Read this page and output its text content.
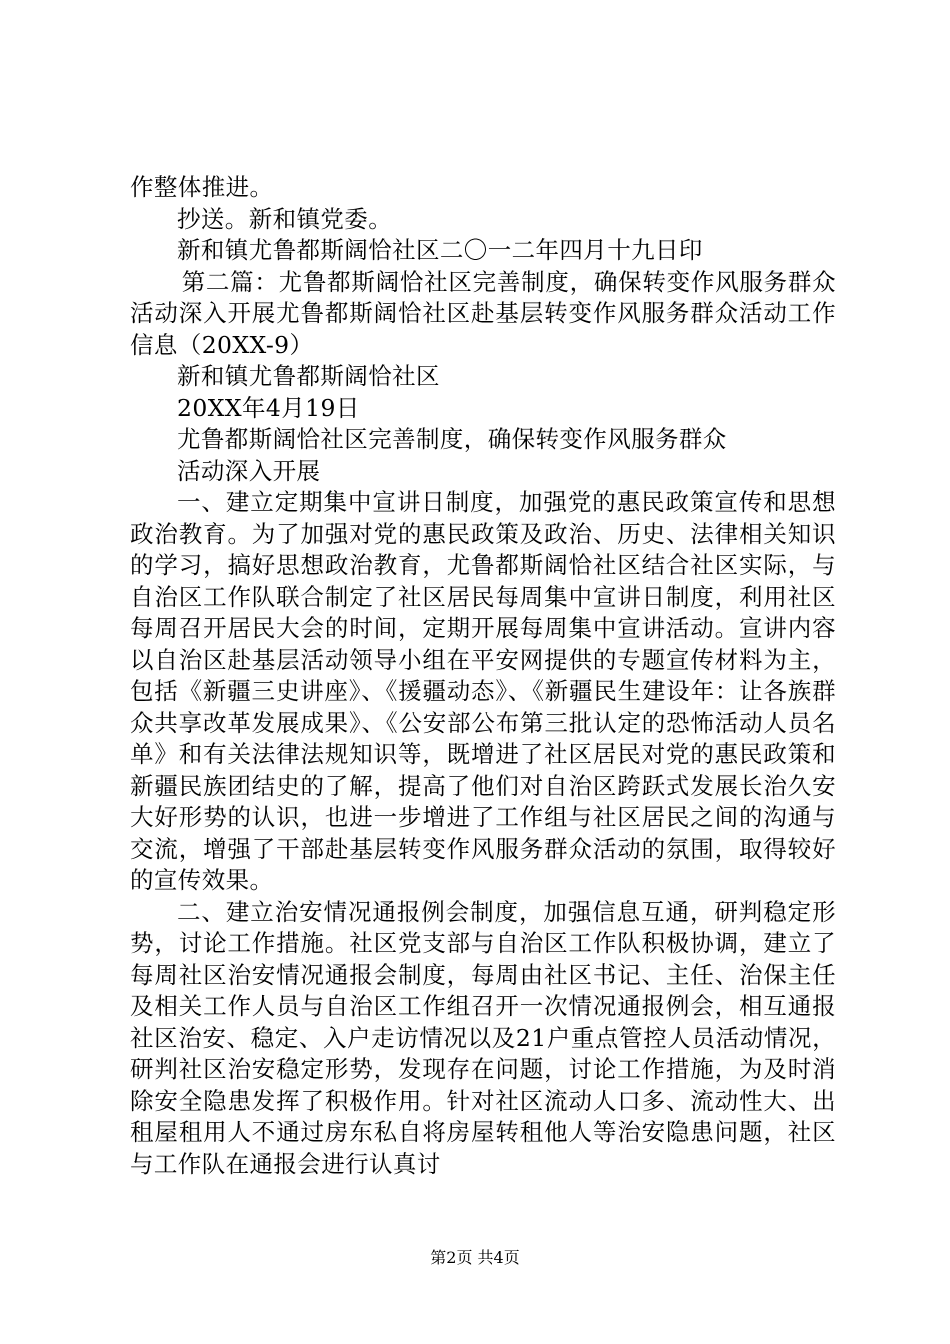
作整体推进。

抄送。新和镇党委。

新和镇尤鲁都斯阔恰社区二〇一二年四月十九日印

第二篇：尤鲁都斯阔恰社区完善制度，确保转变作风服务群众活动深入开展尤鲁都斯阔恰社区赴基层转变作风服务群众活动工作信息（20XX-9）

新和镇尤鲁都斯阔恰社区

20XX年4月19日

尤鲁都斯阔恰社区完善制度，确保转变作风服务群众

活动深入开展

一、建立定期集中宣讲日制度，加强党的惠民政策宣传和思想政治教育。为了加强对党的惠民政策及政治、历史、法律相关知识的学习，搞好思想政治教育，尤鲁都斯阔恰社区结合社区实际，与自治区工作队联合制定了社区居民每周集中宣讲日制度，利用社区每周召开居民大会的时间，定期开展每周集中宣讲活动。宣讲内容以自治区赴基层活动领导小组在平安网提供的专题宣传材料为主，包括《新疆三史讲座》、《援疆动态》、《新疆民生建设年：让各族群众共享改革发展成果》、《公安部公布第三批认定的恐怖活动人员名单》和有关法律法规知识等，既增进了社区居民对党的惠民政策和新疆民族团结史的了解，提高了他们对自治区跨跃式发展长治久安大好形势的认识，也进一步增进了工作组与社区居民之间的沟通与交流，增强了干部赴基层转变作风服务群众活动的氛围，取得较好的宣传效果。

二、建立治安情况通报例会制度，加强信息互通，研判稳定形势，讨论工作措施。社区党支部与自治区工作队积极协调，建立了每周社区治安情况通报会制度，每周由社区书记、主任、治保主任及相关工作人员与自治区工作组召开一次情况通报例会，相互通报社区治安、稳定、入户走访情况以及21户重点管控人员活动情况，研判社区治安稳定形势，发现存在问题，讨论工作措施，为及时消除安全隐患发挥了积极作用。针对社区流动人口多、流动性大、出租屋租用人不通过房东私自将房屋转租他人等治安隐患问题，社区与工作队在通报会进行认真讨

第2页 共4页
